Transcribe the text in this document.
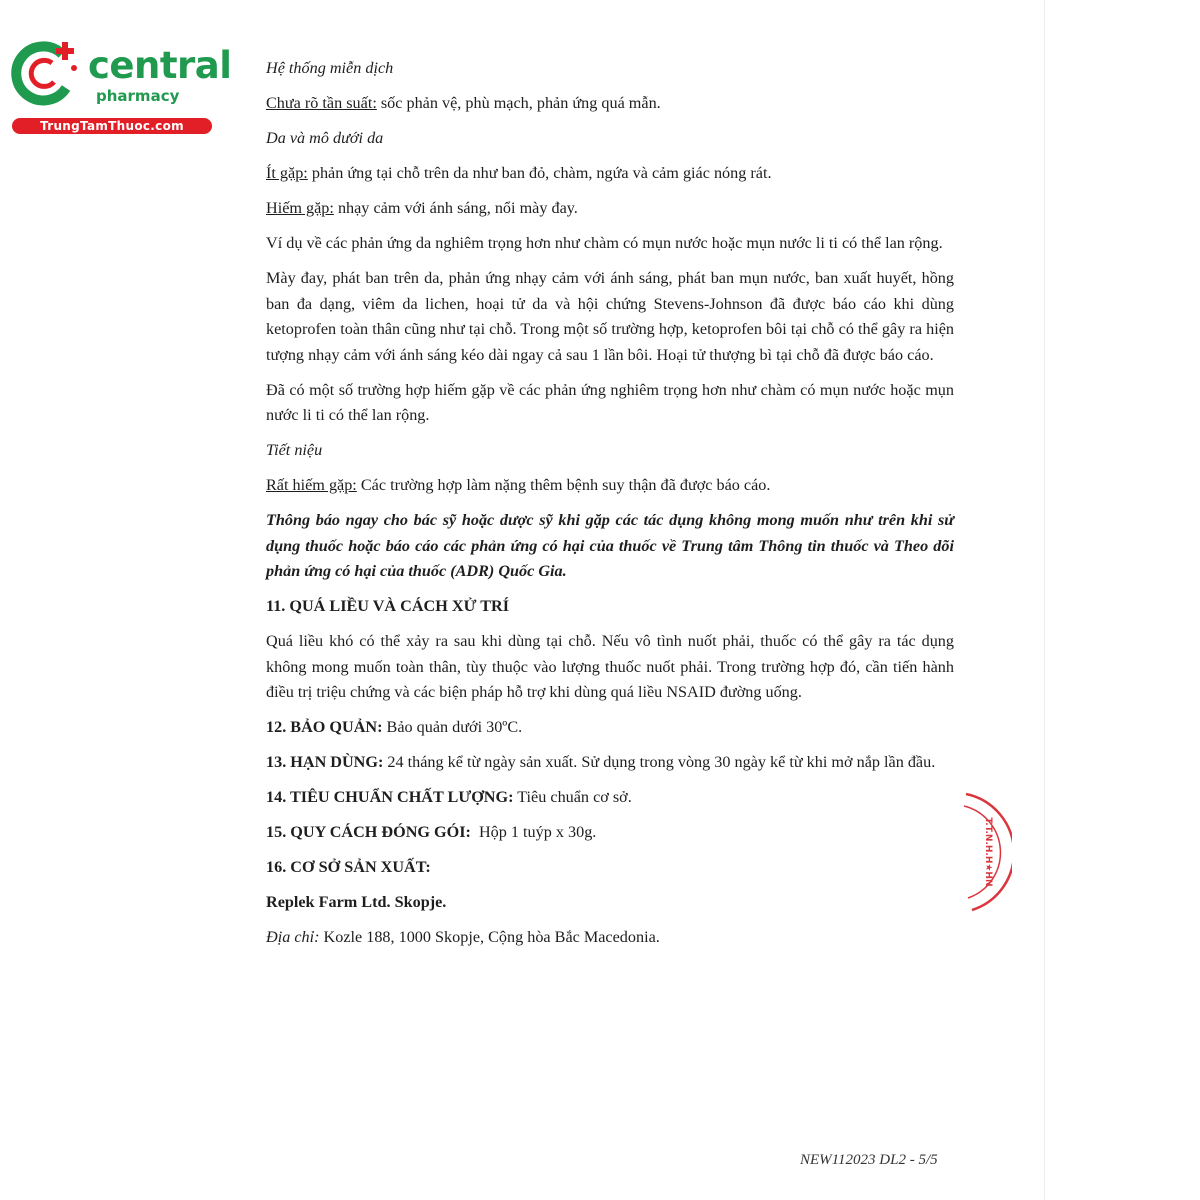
central
pharmacy
TrungTamThuoc.com

Hệ thống miễn dịch

Chưa rõ tần suất: sốc phản vệ, phù mạch, phản ứng quá mẫn.

Da và mô dưới da

Ít gặp: phản ứng tại chỗ trên da như ban đỏ, chàm, ngứa và cảm giác nóng rát.

Hiếm gặp: nhạy cảm với ánh sáng, nổi mày đay.

Ví dụ về các phản ứng da nghiêm trọng hơn như chàm có mụn nước hoặc mụn nước li ti có thể lan rộng.

Mày đay, phát ban trên da, phản ứng nhạy cảm với ánh sáng, phát ban mụn nước, ban xuất huyết, hồng ban đa dạng, viêm da lichen, hoại tử da và hội chứng Stevens-Johnson đã được báo cáo khi dùng ketoprofen toàn thân cũng như tại chỗ. Trong một số trường hợp, ketoprofen bôi tại chỗ có thể gây ra hiện tượng nhạy cảm với ánh sáng kéo dài ngay cả sau 1 lần bôi. Hoại tử thượng bì tại chỗ đã được báo cáo.

Đã có một số trường hợp hiếm gặp về các phản ứng nghiêm trọng hơn như chàm có mụn nước hoặc mụn nước li ti có thể lan rộng.

Tiết niệu

Rất hiếm gặp: Các trường hợp làm nặng thêm bệnh suy thận đã được báo cáo.

Thông báo ngay cho bác sỹ hoặc dược sỹ khi gặp các tác dụng không mong muốn như trên khi sử dụng thuốc hoặc báo cáo các phản ứng có hại của thuốc về Trung tâm Thông tin thuốc và Theo dõi phản ứng có hại của thuốc (ADR) Quốc Gia.

11. QUÁ LIỀU VÀ CÁCH XỬ TRÍ

Quá liều khó có thể xảy ra sau khi dùng tại chỗ. Nếu vô tình nuốt phải, thuốc có thể gây ra tác dụng không mong muốn toàn thân, tùy thuộc vào lượng thuốc nuốt phải. Trong trường hợp đó, cần tiến hành điều trị triệu chứng và các biện pháp hỗ trợ khi dùng quá liều NSAID đường uống.

12. BẢO QUẢN: Bảo quản dưới 30ºC.

13. HẠN DÙNG: 24 tháng kể từ ngày sản xuất. Sử dụng trong vòng 30 ngày kể từ khi mở nắp lần đầu.

14. TIÊU CHUẨN CHẤT LƯỢNG: Tiêu chuẩn cơ sở.

15. QUY CÁCH ĐÓNG GÓI:  Hộp 1 tuýp x 30g.

16. CƠ SỞ SẢN XUẤT:

Replek Farm Ltd. Skopje.

Địa chỉ: Kozle 188, 1000 Skopje, Cộng hòa Bắc Macedonia.

T.T.N.H.H★HN
NEW112023 DL2 - 5/5
